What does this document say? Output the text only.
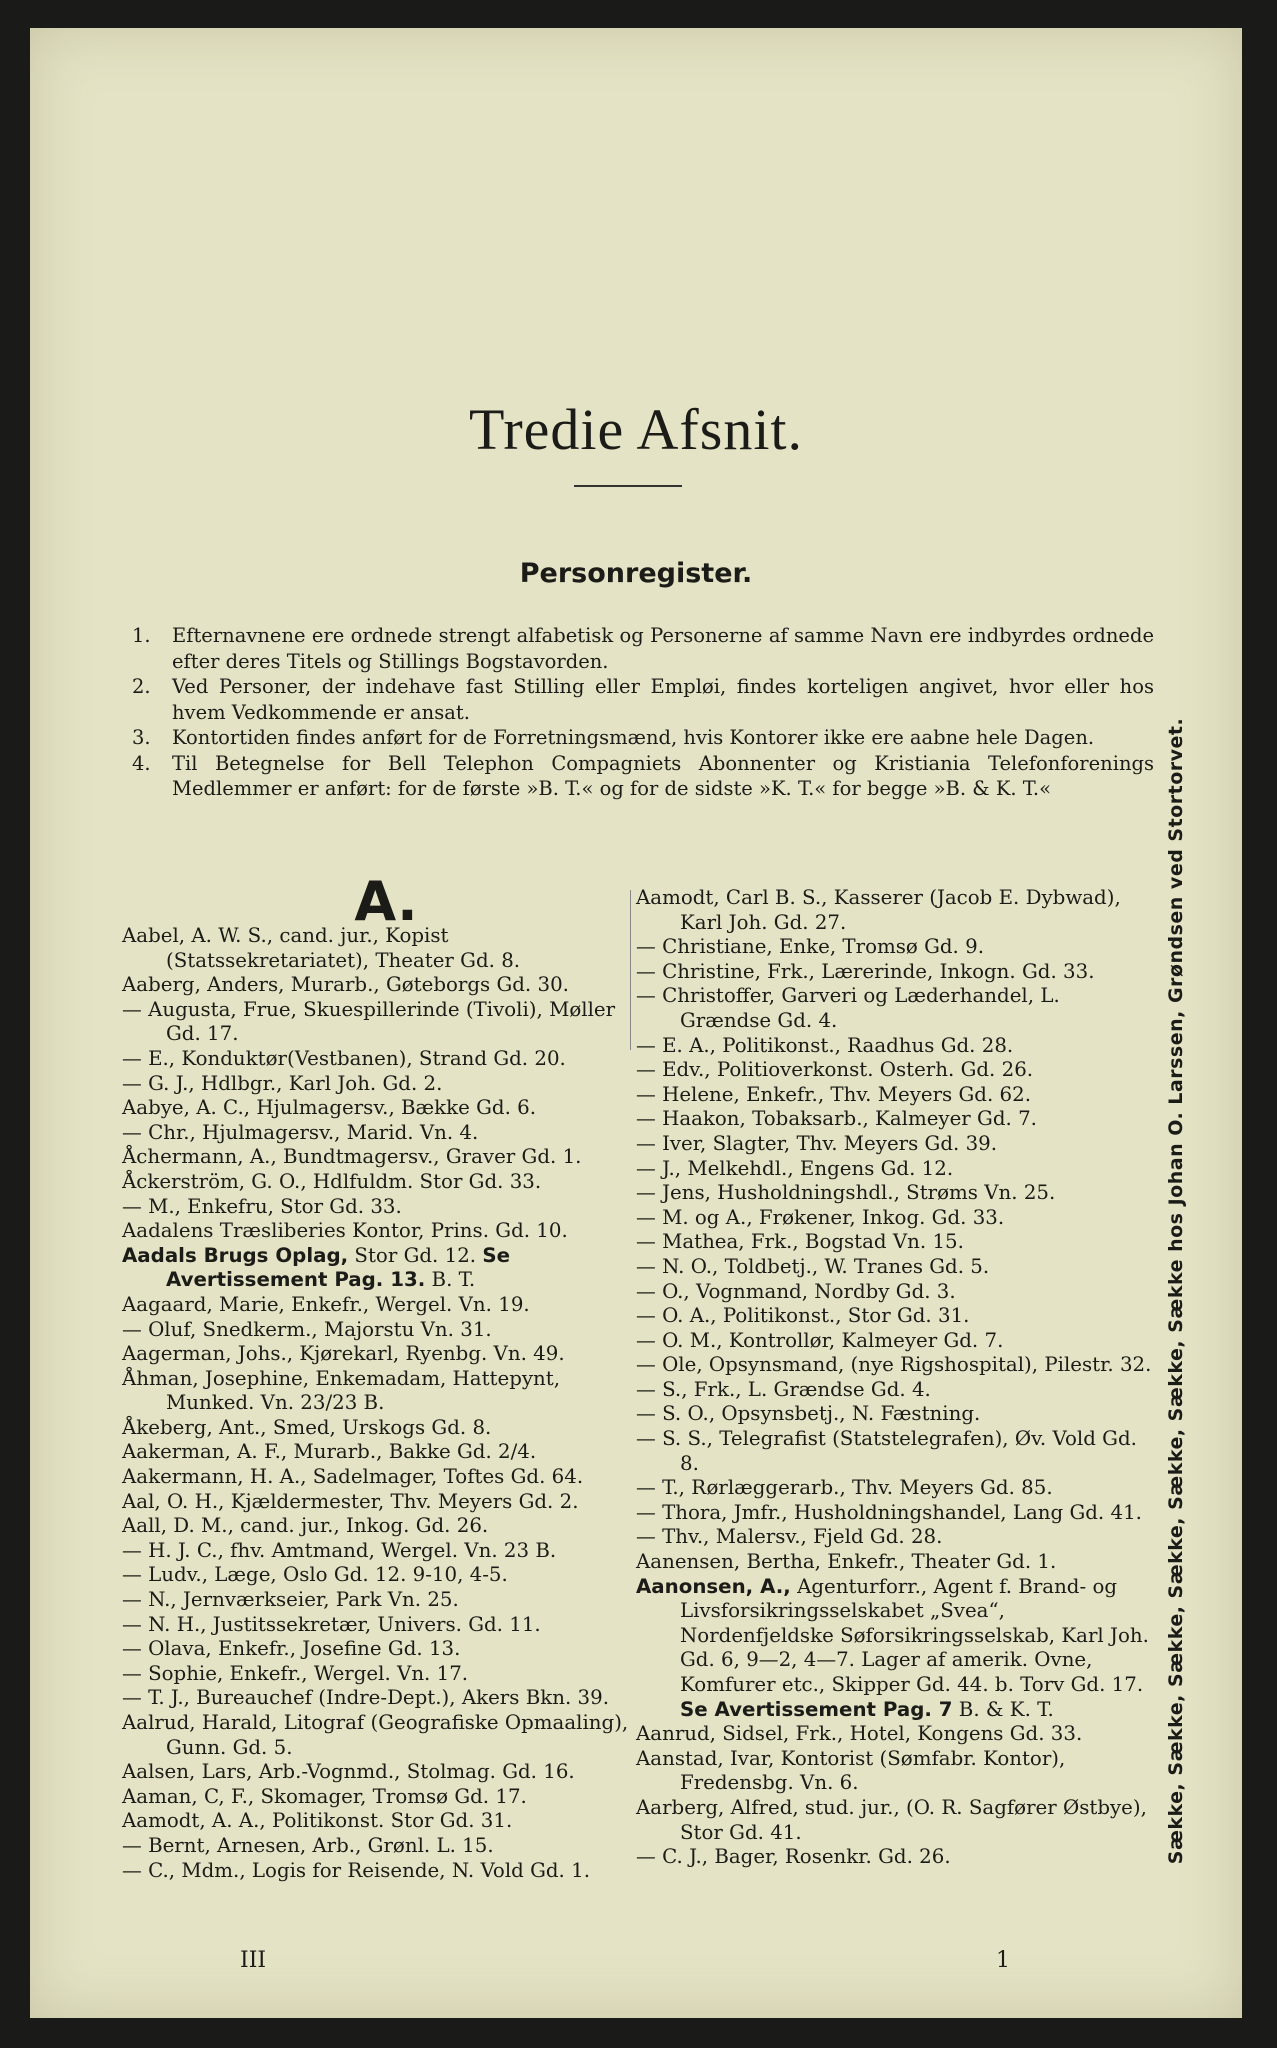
Tredie Afsnit.
Personregister.
1. Efternavnene ere ordnede strengt alfabetisk og Personerne af samme Navn ere indbyrdes ordnede efter deres Titels og Stillings Bogstavorden.
2. Ved Personer, der indehave fast Stilling eller Empløi, findes korteligen angivet, hvor eller hos hvem Vedkommende er ansat.
3. Kontortiden findes anført for de Forretningsmænd, hvis Kontorer ikke ere aabne hele Dagen.
4. Til Betegnelse for Bell Telephon Compagniets Abonnenter og Kristiania Telefonforenings Medlemmer er anført: for de første »B. T.« og for de sidste »K. T.« for begge »B. & K. T.«	Sække, Sække, Sække, Sække, Sække, Sække, Sække hos Johan O. Larssen, Grøndsen ved Stortorvet.
A.
Aabel, A. W. S., cand. jur., Kopist (Statssekretariatet), Theater Gd. 8.
Aaberg, Anders, Murarb., Gøteborgs Gd. 30.
— Augusta, Frue, Skuespillerinde (Tivoli), Møller Gd. 17.
— E., Konduktør(Vestbanen), Strand Gd. 20.
— G. J., Hdlbgr., Karl Joh. Gd. 2.
Aabye, A. C., Hjulmagersv., Bække Gd. 6.
— Chr., Hjulmagersv., Marid. Vn. 4.
Åchermann, A., Bundtmagersv., Graver Gd. 1.
Åckerström, G. O., Hdlfuldm. Stor Gd. 33.
— M., Enkefru, Stor Gd. 33.
Aadalens Træsliberies Kontor, Prins. Gd. 10.
Aadals Brugs Oplag, Stor Gd. 12. Se Avertissement Pag. 13. B. T.
Aagaard, Marie, Enkefr., Wergel. Vn. 19.
— Oluf, Snedkerm., Majorstu Vn. 31.
Aagerman, Johs., Kjørekarl, Ryenbg. Vn. 49.
Åhman, Josephine, Enkemadam, Hattepynt, Munked. Vn. 23/23 B.
Åkeberg, Ant., Smed, Urskogs Gd. 8.
Aakerman, A. F., Murarb., Bakke Gd. 2/4.
Aakermann, H. A., Sadelmager, Toftes Gd. 64.
Aal, O. H., Kjældermester, Thv. Meyers Gd. 2.
Aall, D. M., cand. jur., Inkog. Gd. 26.
— H. J. C., fhv. Amtmand, Wergel. Vn. 23 B.
— Ludv., Læge, Oslo Gd. 12. 9-10, 4-5.
— N., Jernværkseier, Park Vn. 25.
— N. H., Justitssekretær, Univers. Gd. 11.
— Olava, Enkefr., Josefine Gd. 13.
— Sophie, Enkefr., Wergel. Vn. 17.
— T. J., Bureauchef (Indre-Dept.), Akers Bkn. 39.
Aalrud, Harald, Litograf (Geografiske Opmaaling), Gunn. Gd. 5.
Aalsen, Lars, Arb.-Vognmd., Stolmag. Gd. 16.
Aaman, C, F., Skomager, Tromsø Gd. 17.
Aamodt, A. A., Politikonst. Stor Gd. 31.
— Bernt, Arnesen, Arb., Grønl. L. 15.
— C., Mdm., Logis for Reisende, N. Vold Gd. 1.
Aamodt, Carl B. S., Kasserer (Jacob E. Dybwad), Karl Joh. Gd. 27.
— Christiane, Enke, Tromsø Gd. 9.
— Christine, Frk., Lærerinde, Inkogn. Gd. 33.
— Christoffer, Garveri og Læderhandel, L. Grændse Gd. 4.
— E. A., Politikonst., Raadhus Gd. 28.
— Edv., Politioverkonst. Osterh. Gd. 26.
— Helene, Enkefr., Thv. Meyers Gd. 62.
— Haakon, Tobaksarb., Kalmeyer Gd. 7.
— Iver, Slagter, Thv. Meyers Gd. 39.
— J., Melkehdl., Engens Gd. 12.
— Jens, Husholdningshdl., Strøms Vn. 25.
— M. og A., Frøkener, Inkog. Gd. 33.
— Mathea, Frk., Bogstad Vn. 15.
— N. O., Toldbetj., W. Tranes Gd. 5.
— O., Vognmand, Nordby Gd. 3.
— O. A., Politikonst., Stor Gd. 31.
— O. M., Kontrollør, Kalmeyer Gd. 7.
— Ole, Opsynsmand, (nye Rigshospital), Pilestr. 32.
— S., Frk., L. Grændse Gd. 4.
— S. O., Opsynsbetj., N. Fæstning.
— S. S., Telegrafist (Statstelegrafen), Øv. Vold Gd. 8.
— T., Rørlæggerarb., Thv. Meyers Gd. 85.
— Thora, Jmfr., Husholdningshandel, Lang Gd. 41.
— Thv., Malersv., Fjeld Gd. 28.
Aanensen, Bertha, Enkefr., Theater Gd. 1.
Aanonsen, A., Agenturforr., Agent f. Brand- og Livsforsikringsselskabet „Svea“, Nordenfjeldske Søforsikringsselskab, Karl Joh. Gd. 6, 9—2, 4—7. Lager af amerik. Ovne, Komfurer etc., Skipper Gd. 44. b. Torv Gd. 17. Se Avertissement Pag. 7 B. & K. T.
Aanrud, Sidsel, Frk., Hotel, Kongens Gd. 33.
Aanstad, Ivar, Kontorist (Sømfabr. Kontor), Fredensbg. Vn. 6.
Aarberg, Alfred, stud. jur., (O. R. Sagfører Østbye), Stor Gd. 41.
— C. J., Bager, Rosenkr. Gd. 26.
III	1
